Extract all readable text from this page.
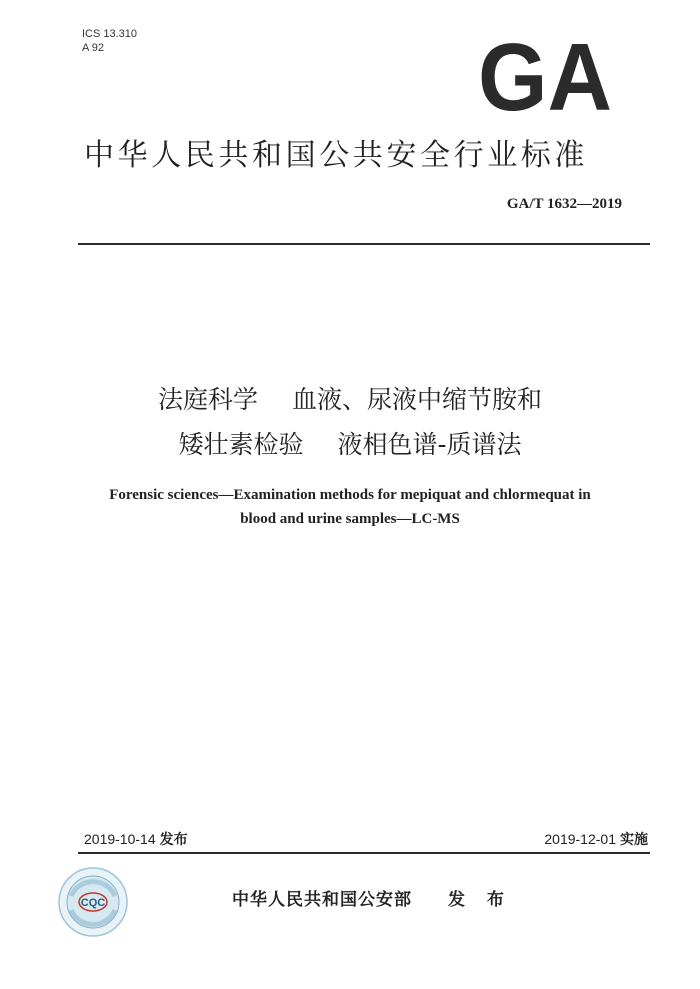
ICS 13.310
A 92	GA
中华人民共和国公共安全行业标准
GA/T 1632—2019
法庭科学 血液、尿液中缩节胺和
矮壮素检验 液相色谱-质谱法
Forensic sciences—Examination methods for mepiquat and chlormequat in
blood and urine samples—LC-MS
2019-10-14 发布	2019-12-01 实施
CQC	中华人民共和国公安部 发 布
